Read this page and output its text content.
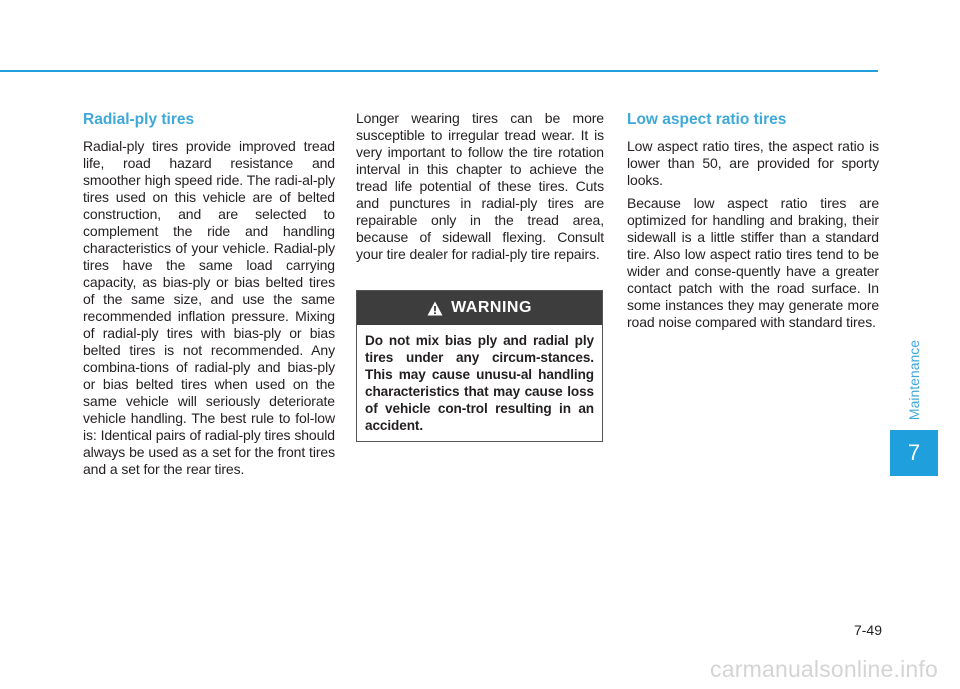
Radial-ply tires

Radial-ply tires provide improved tread life, road hazard resistance and smoother high speed ride. The radi-al-ply tires used on this vehicle are of belted construction, and are selected to complement the ride and handling characteristics of your vehicle. Radial-ply tires have the same load carrying capacity, as bias-ply or bias belted tires of the same size, and use the same recommended inflation pressure. Mixing of radial-ply tires with bias-ply or bias belted tires is not recommended. Any combina-tions of radial-ply and bias-ply or bias belted tires when used on the same vehicle will seriously deteriorate vehicle handling. The best rule to fol-low is: Identical pairs of radial-ply tires should always be used as a set for the front tires and a set for the rear tires.

Longer wearing tires can be more susceptible to irregular tread wear. It is very important to follow the tire rotation interval in this chapter to achieve the tread life potential of these tires. Cuts and punctures in radial-ply tires are repairable only in the tread area, because of sidewall flexing. Consult your tire dealer for radial-ply tire repairs.

WARNING
Do not mix bias ply and radial ply tires under any circum-stances. This may cause unusu-al handling characteristics that may cause loss of vehicle con-trol resulting in an accident.
Low aspect ratio tires

Low aspect ratio tires, the aspect ratio is lower than 50, are provided for sporty looks.

Because low aspect ratio tires are optimized for handling and braking, their sidewall is a little stiffer than a standard tire. Also low aspect ratio tires tend to be wider and conse-quently have a greater contact patch with the road surface. In some instances they may generate more road noise compared with standard tires.

Maintenance
7
7-49
carmanualsonline.info
